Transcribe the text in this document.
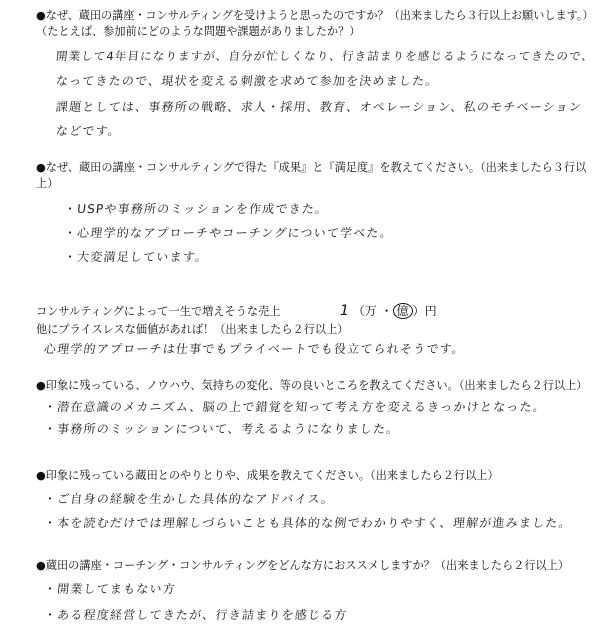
●なぜ、蔵田の講座・コンサルティングを受けようと思ったのですか？（出来ましたら３行以上お願いします。）
（たとえば、参加前にどのような問題や課題がありましたか？）
開業して4年目になりますが、自分が忙しくなり、行き詰まりを感じるようになってきたので、
なってきたので、現状を変える刺激を求めて参加を決めました。
課題としては、事務所の戦略、求人・採用、教育、オペレーション、私のモチベーション
などです。
●なぜ、蔵田の講座・コンサルティングで得た『成果』と『満足度』を教えてください。（出来ましたら３行以
上）
・USPや事務所のミッションを作成できた。
・心理学的なアプローチやコーチングについて学べた。
・大変満足しています。
コンサルティングによって一生で増えそうな売上	1 （万 ・ 億 ）円
他にプライスレスな価値があれば！（出来ましたら２行以上）
心理学的アプローチは仕事でもプライベートでも役立てられそうです。
●印象に残っている、ノウハウ、気持ちの変化、等の良いところを教えてください。（出来ましたら２行以上）
・潜在意識のメカニズム、脳の上で錯覚を知って考え方を変えるきっかけとなった。
・事務所のミッションについて、考えるようになりました。
●印象に残っている蔵田とのやりとりや、成果を教えてください。（出来ましたら２行以上）
・ご自身の経験を生かした具体的なアドバイス。
・本を読むだけでは理解しづらいことも具体的な例でわかりやすく、理解が進みました。
●蔵田の講座・コーチング・コンサルティングをどんな方におススメしますか？（出来ましたら２行以上）
・開業してまもない方
・ある程度経営してきたが、行き詰まりを感じる方
